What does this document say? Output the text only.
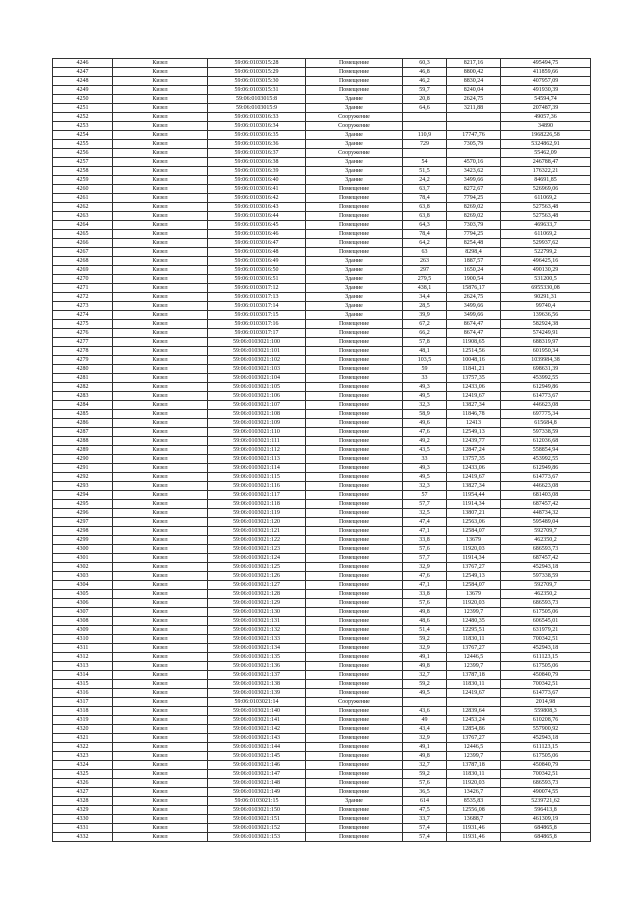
4246	Кизел	59:06:0103015:28	Помещение	60,3	8217,16	495494,75
4247	Кизел	59:06:0103015:29	Помещение	46,8	8800,42	411859,66
4248	Кизел	59:06:0103015:30	Помещение	46,2	8830,24	407957,09
4249	Кизел	59:06:0103015:31	Помещение	59,7	8240,04	491930,39
4250	Кизел	59:06:0103015:8	Здание	20,8	2624,75	54594,74
4251	Кизел	59:06:0103015:9	Здание	64,6	3211,88	207487,39
4252	Кизел	59:06:0103016:33	Сооружение			49057,36
4253	Кизел	59:06:0103016:34	Сооружение			34890
4254	Кизел	59:06:0103016:35	Здание	110,9	17747,76	1968226,58
4255	Кизел	59:06:0103016:36	Здание	729	7305,79	5324862,91
4256	Кизел	59:06:0103016:37	Сооружение			55462,09
4257	Кизел	59:06:0103016:38	Здание	54	4570,16	246788,47
4258	Кизел	59:06:0103016:39	Здание	51,5	3423,62	176322,21
4259	Кизел	59:06:0103016:40	Здание	24,2	3499,66	84691,85
4260	Кизел	59:06:0103016:41	Помещение	63,7	8272,67	526969,06
4261	Кизел	59:06:0103016:42	Помещение	78,4	7794,25	611069,2
4262	Кизел	59:06:0103016:43	Помещение	63,8	8269,02	527563,48
4263	Кизел	59:06:0103016:44	Помещение	63,8	8269,02	527563,48
4264	Кизел	59:06:0103016:45	Помещение	64,3	7303,79	469633,7
4265	Кизел	59:06:0103016:46	Помещение	78,4	7794,25	611069,2
4266	Кизел	59:06:0103016:47	Помещение	64,2	8254,48	529937,62
4267	Кизел	59:06:0103016:48	Помещение	63	8298,4	522799,2
4268	Кизел	59:06:0103016:49	Здание	263	1887,57	496425,16
4269	Кизел	59:06:0103016:50	Здание	297	1650,24	490130,29
4270	Кизел	59:06:0103016:51	Здание	279,5	1900,54	531200,5
4271	Кизел	59:06:0103017:12	Здание	438,1	15876,17	6955330,08
4272	Кизел	59:06:0103017:13	Здание	34,4	2624,75	90291,31
4273	Кизел	59:06:0103017:14	Здание	28,5	3499,66	99740,4
4274	Кизел	59:06:0103017:15	Здание	39,9	3499,66	139636,56
4275	Кизел	59:06:0103017:16	Помещение	67,2	8674,47	582924,38
4276	Кизел	59:06:0103017:17	Помещение	66,2	8674,47	574249,91
4277	Кизел	59:06:0103021:100	Помещение	57,8	11908,65	688319,97
4278	Кизел	59:06:0103021:101	Помещение	48,1	12514,56	601950,34
4279	Кизел	59:06:0103021:102	Помещение	103,5	10048,16	1039984,38
4280	Кизел	59:06:0103021:103	Помещение	59	11841,21	698631,39
4281	Кизел	59:06:0103021:104	Помещение	33	13757,35	453992,55
4282	Кизел	59:06:0103021:105	Помещение	49,3	12433,06	612949,86
4283	Кизел	59:06:0103021:106	Помещение	49,5	12419,67	614773,67
4284	Кизел	59:06:0103021:107	Помещение	32,3	13827,34	446623,08
4285	Кизел	59:06:0103021:108	Помещение	58,9	11846,78	697775,34
4286	Кизел	59:06:0103021:109	Помещение	49,6	12413	615684,8
4287	Кизел	59:06:0103021:110	Помещение	47,6	12549,13	597338,59
4288	Кизел	59:06:0103021:111	Помещение	49,2	12439,77	612036,68
4289	Кизел	59:06:0103021:112	Помещение	43,5	12847,24	558854,94
4290	Кизел	59:06:0103021:113	Помещение	33	13757,35	453992,55
4291	Кизел	59:06:0103021:114	Помещение	49,3	12433,06	612949,86
4292	Кизел	59:06:0103021:115	Помещение	49,5	12419,67	614773,67
4293	Кизел	59:06:0103021:116	Помещение	32,3	13827,34	446623,08
4294	Кизел	59:06:0103021:117	Помещение	57	11954,44	681403,08
4295	Кизел	59:06:0103021:118	Помещение	57,7	11914,34	687457,42
4296	Кизел	59:06:0103021:119	Помещение	32,5	13807,21	448734,32
4297	Кизел	59:06:0103021:120	Помещение	47,4	12563,06	595489,04
4298	Кизел	59:06:0103021:121	Помещение	47,1	12584,07	592709,7
4299	Кизел	59:06:0103021:122	Помещение	33,8	13679	462350,2
4300	Кизел	59:06:0103021:123	Помещение	57,6	11920,03	686593,73
4301	Кизел	59:06:0103021:124	Помещение	57,7	11914,34	687457,42
4302	Кизел	59:06:0103021:125	Помещение	32,9	13767,27	452943,18
4303	Кизел	59:06:0103021:126	Помещение	47,6	12549,13	597338,59
4304	Кизел	59:06:0103021:127	Помещение	47,1	12584,07	592709,7
4305	Кизел	59:06:0103021:128	Помещение	33,8	13679	462350,2
4306	Кизел	59:06:0103021:129	Помещение	57,6	11920,03	686593,73
4307	Кизел	59:06:0103021:130	Помещение	49,8	12399,7	617505,06
4308	Кизел	59:06:0103021:131	Помещение	48,6	12480,35	606545,01
4309	Кизел	59:06:0103021:132	Помещение	51,4	12295,51	631979,21
4310	Кизел	59:06:0103021:133	Помещение	59,2	11830,11	700342,51
4311	Кизел	59:06:0103021:134	Помещение	32,9	13767,27	452943,18
4312	Кизел	59:06:0103021:135	Помещение	49,1	12446,5	611123,15
4313	Кизел	59:06:0103021:136	Помещение	49,8	12399,7	617505,06
4314	Кизел	59:06:0103021:137	Помещение	32,7	13787,18	450840,79
4315	Кизел	59:06:0103021:138	Помещение	59,2	11830,11	700342,51
4316	Кизел	59:06:0103021:139	Помещение	49,5	12419,67	614773,67
4317	Кизел	59:06:0103021:14	Сооружение			2014,98
4318	Кизел	59:06:0103021:140	Помещение	43,6	12839,64	559808,3
4319	Кизел	59:06:0103021:141	Помещение	49	12453,24	610208,76
4320	Кизел	59:06:0103021:142	Помещение	43,4	12854,86	557900,92
4321	Кизел	59:06:0103021:143	Помещение	32,9	13767,27	452943,18
4322	Кизел	59:06:0103021:144	Помещение	49,1	12446,5	611123,15
4323	Кизел	59:06:0103021:145	Помещение	49,8	12399,7	617505,06
4324	Кизел	59:06:0103021:146	Помещение	32,7	13787,18	450840,79
4325	Кизел	59:06:0103021:147	Помещение	59,2	11830,11	700342,51
4326	Кизел	59:06:0103021:148	Помещение	57,6	11920,03	686593,73
4327	Кизел	59:06:0103021:149	Помещение	36,5	13426,7	490074,55
4328	Кизел	59:06:0103021:15	Здание	614	8535,83	5239721,62
4329	Кизел	59:06:0103021:150	Помещение	47,5	12556,08	596413,8
4330	Кизел	59:06:0103021:151	Помещение	33,7	13688,7	461309,19
4331	Кизел	59:06:0103021:152	Помещение	57,4	11931,46	684865,8
4332	Кизел	59:06:0103021:153	Помещение	57,4	11931,46	684865,8
